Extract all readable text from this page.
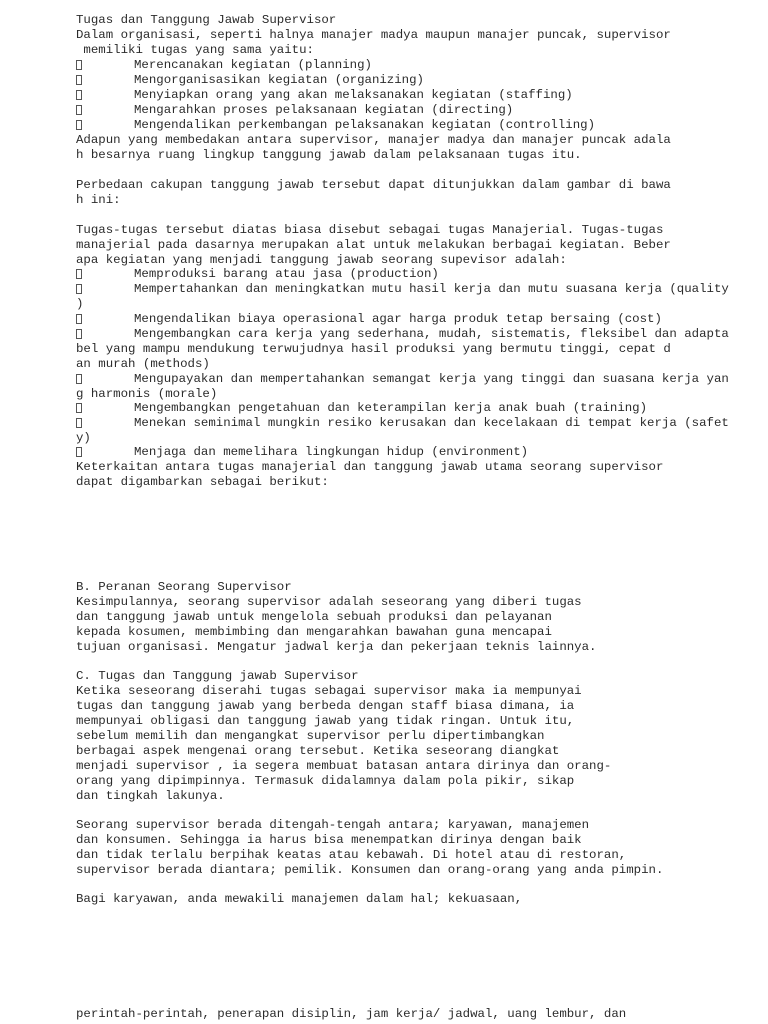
Tugas dan Tanggung Jawab Supervisor
Dalam organisasi, seperti halnya manajer madya maupun manajer puncak, supervisor
memiliki tugas yang sama yaitu:
Merencanakan kegiatan (planning)
Mengorganisasikan kegiatan (organizing)
Menyiapkan orang yang akan melaksanakan kegiatan (staffing)
Mengarahkan proses pelaksanaan kegiatan (directing)
Mengendalikan perkembangan pelaksanakan kegiatan (controlling)
Adapun yang membedakan antara supervisor, manajer madya dan manajer puncak adala
h besarnya ruang lingkup tanggung jawab dalam pelaksanaan tugas itu.
Perbedaan cakupan tanggung jawab tersebut dapat ditunjukkan dalam gambar di bawa
h ini:
Tugas-tugas tersebut diatas biasa disebut sebagai tugas Manajerial. Tugas-tugas
manajerial pada dasarnya merupakan alat untuk melakukan berbagai kegiatan. Beber
apa kegiatan yang menjadi tanggung jawab seorang supevisor adalah:
Memproduksi barang atau jasa (production)
Mempertahankan dan meningkatkan mutu hasil kerja dan mutu suasana kerja (quality
)
Mengendalikan biaya operasional agar harga produk tetap bersaing (cost)
Mengembangkan cara kerja yang sederhana, mudah, sistematis, fleksibel dan adapta
bel yang mampu mendukung terwujudnya hasil produksi yang bermutu tinggi, cepat d
an murah (methods)
Mengupayakan dan mempertahankan semangat kerja yang tinggi dan suasana kerja yan
g harmonis (morale)
Mengembangkan pengetahuan dan keterampilan kerja anak buah (training)
Menekan seminimal mungkin resiko kerusakan dan kecelakaan di tempat kerja (safet
y)
Menjaga dan memelihara lingkungan hidup (environment)
Keterkaitan antara tugas manajerial dan tanggung jawab utama seorang supervisor
dapat digambarkan sebagai berikut:
B. Peranan Seorang Supervisor
Kesimpulannya, seorang supervisor adalah seseorang yang diberi tugas
dan tanggung jawab untuk mengelola sebuah produksi dan pelayanan
kepada kosumen, membimbing dan mengarahkan bawahan guna mencapai
tujuan organisasi. Mengatur jadwal kerja dan pekerjaan teknis lainnya.
C. Tugas dan Tanggung jawab Supervisor
Ketika seseorang diserahi tugas sebagai supervisor maka ia mempunyai
tugas dan tanggung jawab yang berbeda dengan staff biasa dimana, ia
mempunyai obligasi dan tanggung jawab yang tidak ringan. Untuk itu,
sebelum memilih dan mengangkat supervisor perlu dipertimbangkan
berbagai aspek mengenai orang tersebut. Ketika seseorang diangkat
menjadi supervisor , ia segera membuat batasan antara dirinya dan orang-
orang yang dipimpinnya. Termasuk didalamnya dalam pola pikir, sikap
dan tingkah lakunya.
Seorang supervisor berada ditengah-tengah antara; karyawan, manajemen
dan konsumen. Sehingga ia harus bisa menempatkan dirinya dengan baik
dan tidak terlalu berpihak keatas atau kebawah. Di hotel atau di restoran,
supervisor berada diantara; pemilik. Konsumen dan orang-orang yang anda pimpin.
Bagi karyawan, anda mewakili manajemen dalam hal; kekuasaan,
perintah-perintah, penerapan disiplin, jam kerja/ jadwal, uang lembur, dan
